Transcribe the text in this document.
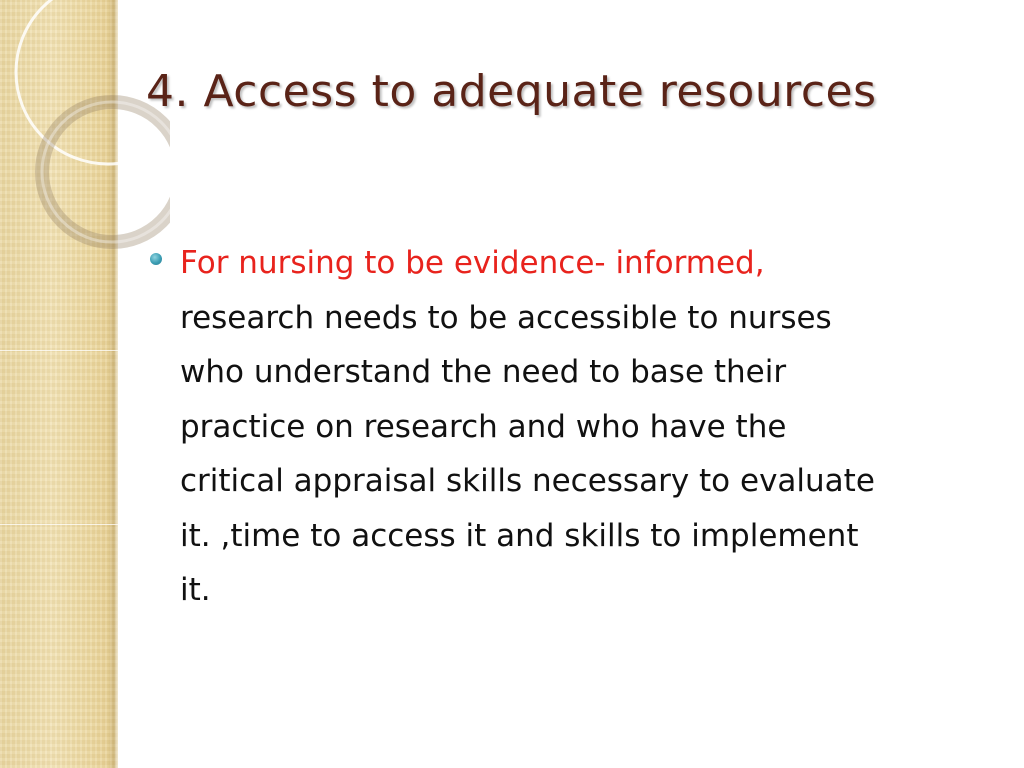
4. Access to adequate resources

For nursing to be evidence- informed,
research needs to be accessible to nurses
who understand the need to base their
practice on research and who have the
critical appraisal skills necessary to evaluate
it. ,time to access it and skills to implement
it.
